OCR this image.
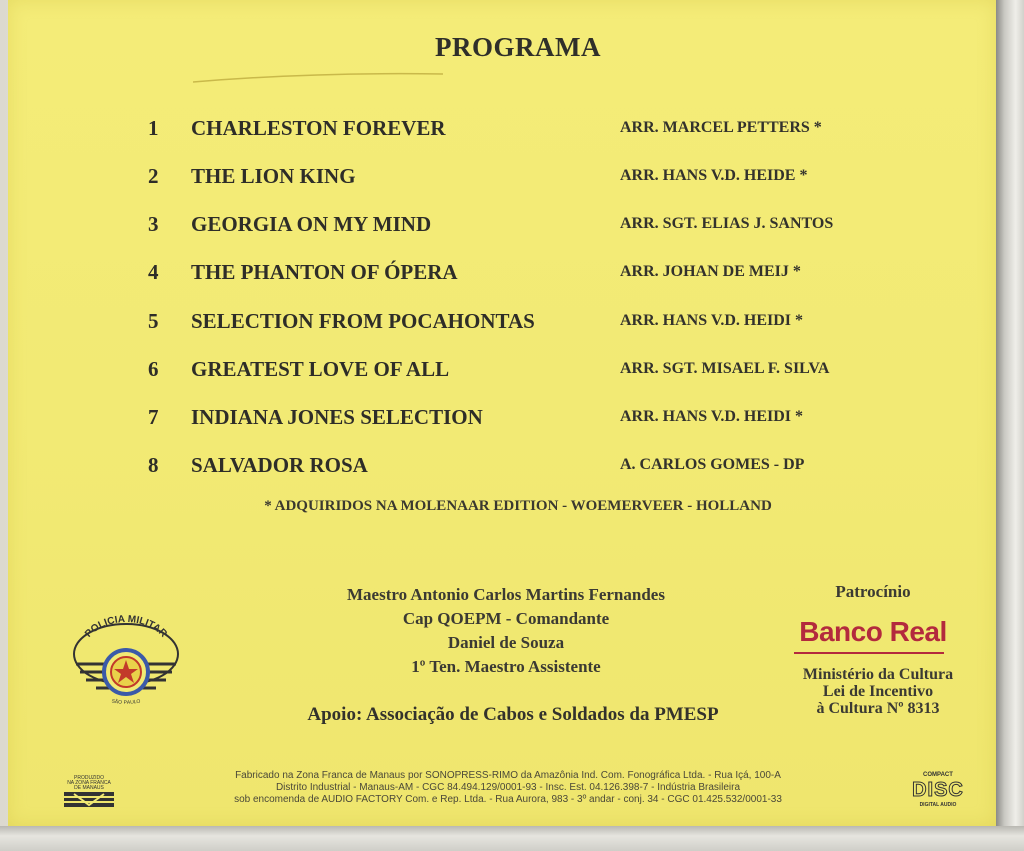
PROGRAMA
1	CHARLESTON FOREVER	ARR. MARCEL PETTERS *
2	THE LION KING	ARR. HANS V.D. HEIDE *
3	GEORGIA ON MY MIND	ARR. SGT. ELIAS J. SANTOS
4	THE PHANTON OF ÓPERA	ARR. JOHAN DE MEIJ *
5	SELECTION FROM POCAHONTAS	ARR. HANS V.D. HEIDI *
6	GREATEST LOVE OF ALL	ARR. SGT. MISAEL F. SILVA
7	INDIANA JONES SELECTION	ARR. HANS V.D. HEIDI *
8	SALVADOR ROSA	A. CARLOS GOMES - DP
* ADQUIRIDOS NA MOLENAAR EDITION - WOEMERVEER - HOLLAND
Maestro Antonio Carlos Martins Fernandes
Cap QOEPM - Comandante
Daniel de Souza
1º Ten. Maestro Assistente
Apoio: Associação de Cabos e Soldados da PMESP
Patrocínio
Banco Real
Ministério da Cultura
Lei de Incentivo
à Cultura Nº 8313
POLICIA MILITAR
SÃO PAULO
Fabricado na Zona Franca de Manaus por SONOPRESS-RIMO da Amazônia Ind. Com. Fonográfica Ltda. - Rua Içá, 100-A
Distrito Industrial - Manaus-AM - CGC 84.494.129/0001-93 - Insc. Est. 04.126.398-7 - Indústria Brasileira
sob encomenda de AUDIO FACTORY Com. e Rep. Ltda. - Rua Aurora, 983 - 3º andar - conj. 34 - CGC 01.425.532/0001-33
PRODUZIDO
NA ZONA FRANCA
DE MANAUS
COMPACT
DISC
DIGITAL AUDIO
